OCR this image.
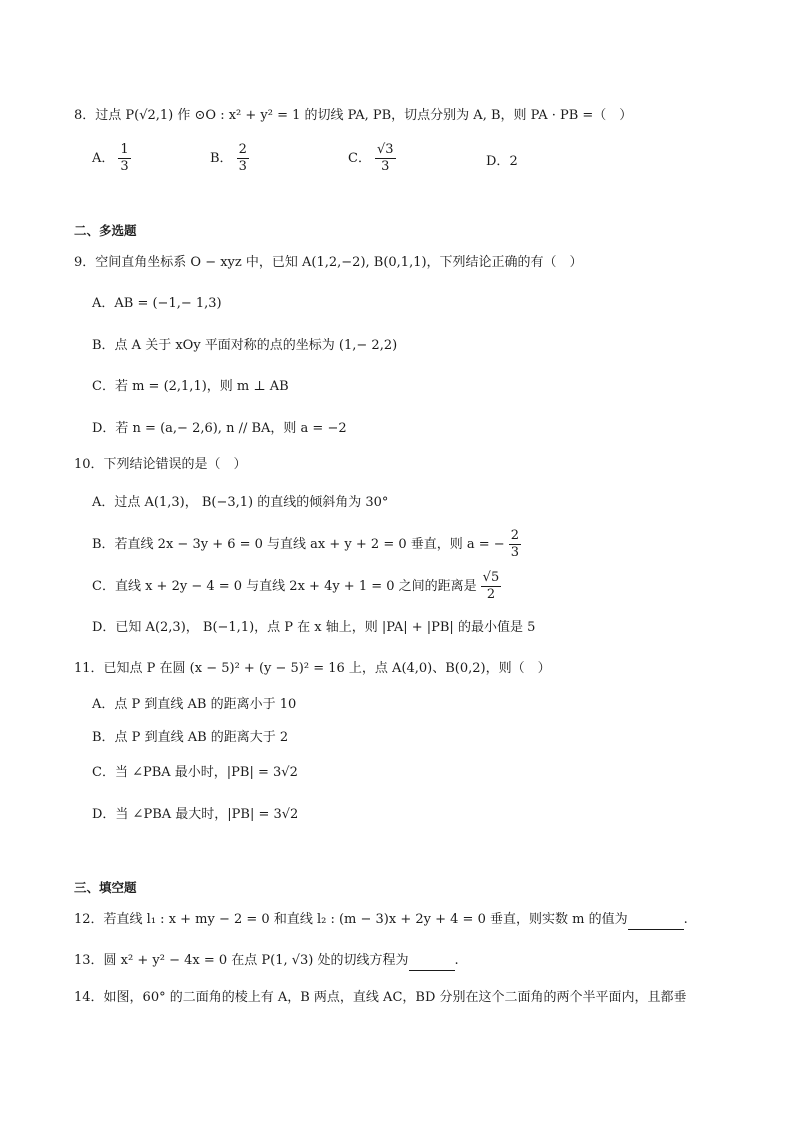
8．过点 P(√2,1) 作 ⊙O : x² + y² = 1 的切线 PA, PB，切点分别为 A, B，则 PA · PB =（　）
A． $\frac{1}{3}$	B． $\frac{2}{3}$	C． $\frac{√3}{3}$	D．2
二、多选题
9．空间直角坐标系 O − xyz 中，已知 A(1,2,−2), B(0,1,1)，下列结论正确的有（　）
A．AB = (−1,− 1,3)
B．点 A 关于 xOy 平面对称的点的坐标为 (1,− 2,2)
C．若 m = (2,1,1)，则 m ⊥ AB
D．若 n = (a,− 2,6), n // BA，则 a = −2
10．下列结论错误的是（　）
A．过点 A(1,3)， B(−3,1) 的直线的倾斜角为 30°
B．若直线 2x − 3y + 6 = 0 与直线 ax + y + 2 = 0 垂直，则 a = − $\frac{2}{3}$
C．直线 x + 2y − 4 = 0 与直线 2x + 4y + 1 = 0 之间的距离是 $\frac{√5}{2}$
D．已知 A(2,3)， B(−1,1)，点 P 在 x 轴上，则 |PA| + |PB| 的最小值是 5
11．已知点 P 在圆 (x − 5)² + (y − 5)² = 16 上，点 A(4,0)、B(0,2)，则（　）
A．点 P 到直线 AB 的距离小于 10
B．点 P 到直线 AB 的距离大于 2
C．当 ∠PBA 最小时，|PB| = 3√2
D．当 ∠PBA 最大时，|PB| = 3√2
三、填空题
12．若直线 l₁ : x + my − 2 = 0 和直线 l₂ : (m − 3)x + 2y + 4 = 0 垂直，则实数 m 的值为	.
13．圆 x² + y² − 4x = 0 在点 P(1, √3) 处的切线方程为	.
14．如图，60° 的二面角的棱上有 A，B 两点，直线 AC，BD 分别在这个二面角的两个半平面内，且都垂
